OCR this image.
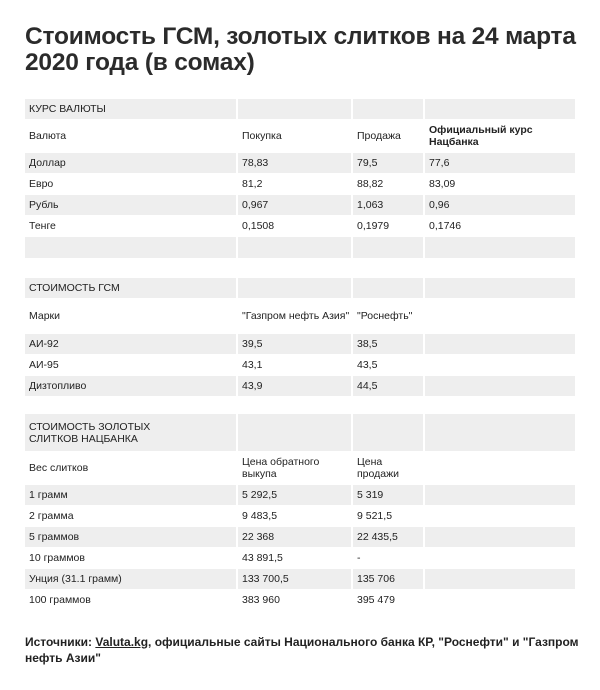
Стоимость ГСМ, золотых слитков на 24 марта 2020 года (в сомах)
КУРС ВАЛЮТЫ			
Валюта	Покупка	Продажа	Официальный курс Нацбанка
Доллар	78,83	79,5	77,6
Евро	81,2	88,82	83,09
Рубль	0,967	1,063	0,96
Тенге	0,1508	0,1979	0,1746

СТОИМОСТЬ ГСМ			
Марки	"Газпром нефть Азия"	"Роснефть"	
АИ-92	39,5	38,5	
АИ-95	43,1	43,5	
Дизтопливо	43,9	44,5	
СТОИМОСТЬ ЗОЛОТЫХ СЛИТКОВ НАЦБАНКА			
Вес слитков	Цена обратного выкупа	Цена продажи	
1 грамм	5 292,5	5 319	
2 грамма	9 483,5	9 521,5	
5 граммов	22 368	22 435,5	
10 граммов	43 891,5	-	
Унция (31.1 грамм)	133 700,5	135 706	
100 граммов	383 960	395 479	
Источники: Valuta.kg, официальные сайты Национального банка КР, "Роснефти" и "Газпром нефть Азии"
